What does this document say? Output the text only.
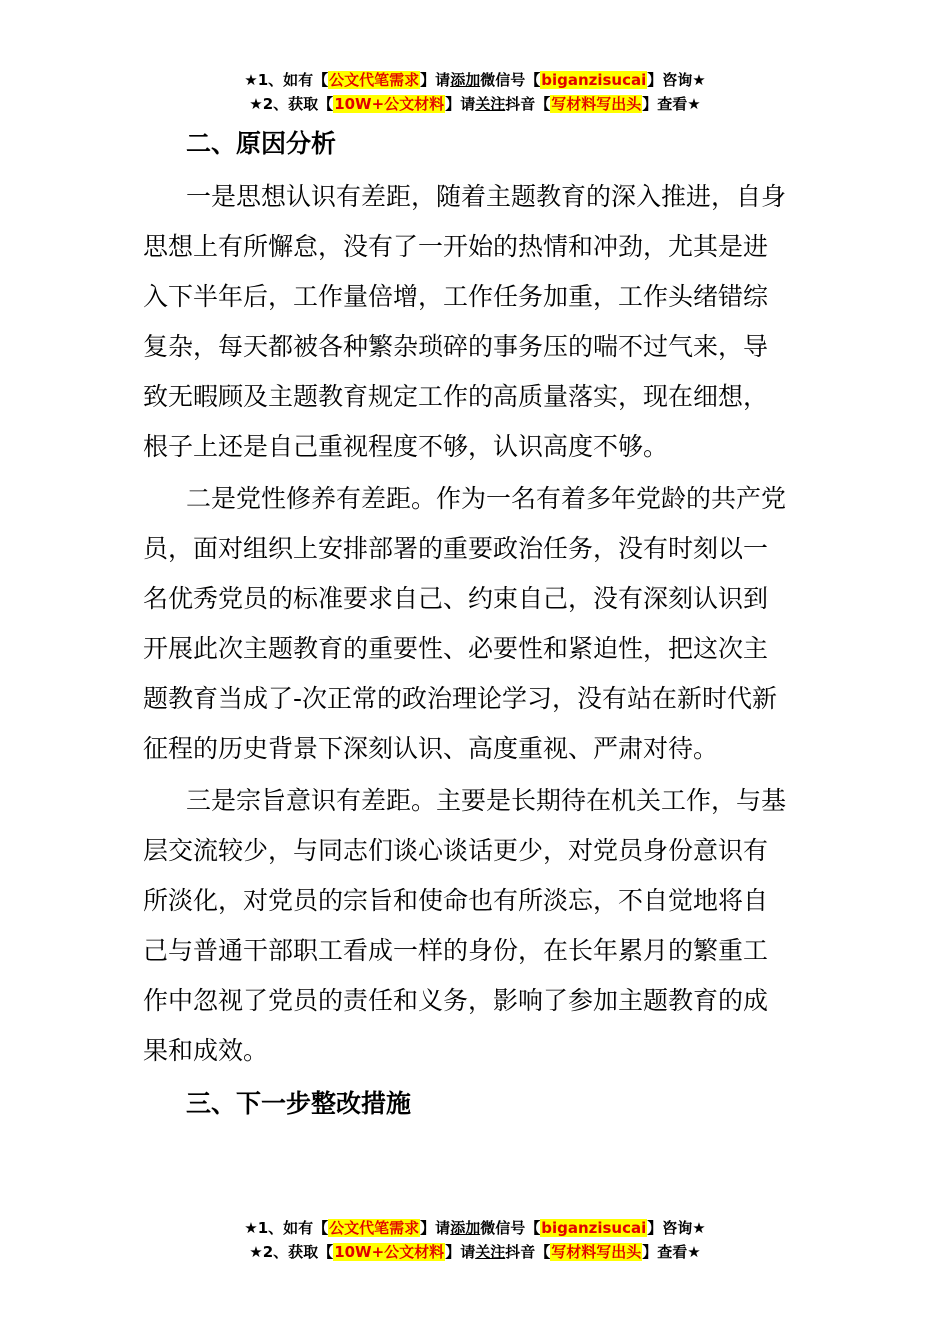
★1、如有【公文代笔需求】请添加微信号【biganzisucai】咨询★
★2、获取【10W+公文材料】请关注抖音【写材料写出头】查看★
二、原因分析
一是思想认识有差距，随着主题教育的深入推进，自身
思想上有所懈怠，没有了一开始的热情和冲劲，尤其是进
入下半年后，工作量倍增，工作任务加重，工作头绪错综
复杂，每天都被各种繁杂琐碎的事务压的喘不过气来，导
致无暇顾及主题教育规定工作的高质量落实，现在细想，
根子上还是自己重视程度不够，认识高度不够。
二是党性修养有差距。作为一名有着多年党龄的共产党
员，面对组织上安排部署的重要政治任务，没有时刻以一
名优秀党员的标准要求自己、约束自己，没有深刻认识到
开展此次主题教育的重要性、必要性和紧迫性，把这次主
题教育当成了-次正常的政治理论学习，没有站在新时代新
征程的历史背景下深刻认识、高度重视、严肃对待。
三是宗旨意识有差距。主要是长期待在机关工作，与基
层交流较少，与同志们谈心谈话更少，对党员身份意识有
所淡化，对党员的宗旨和使命也有所淡忘，不自觉地将自
己与普通干部职工看成一样的身份，在长年累月的繁重工
作中忽视了党员的责任和义务，影响了参加主题教育的成
果和成效。
三、下一步整改措施
★1、如有【公文代笔需求】请添加微信号【biganzisucai】咨询★
★2、获取【10W+公文材料】请关注抖音【写材料写出头】查看★
